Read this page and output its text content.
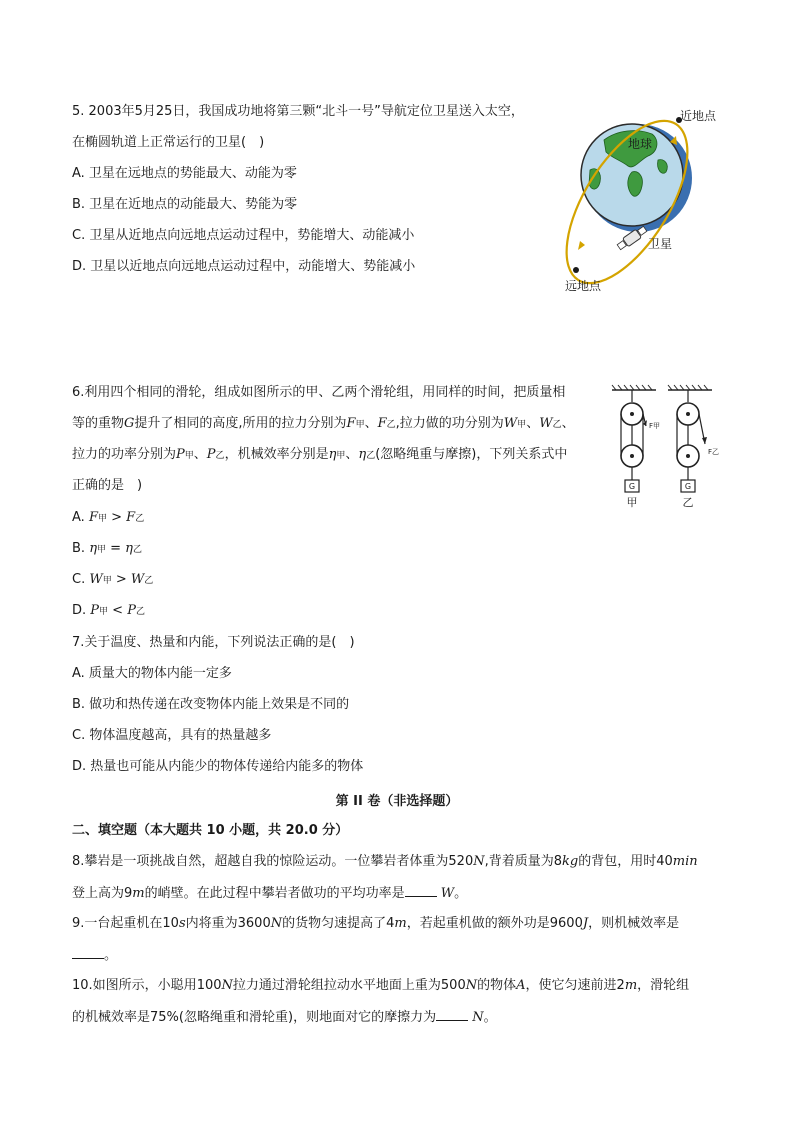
5. 2003年5月25日，我国成功地将第三颗“北斗一号”导航定位卫星送入太空，
在椭圆轨道上正常运行的卫星(　)
A. 卫星在远地点的势能最大、动能为零
B. 卫星在近地点的动能最大、势能为零
C. 卫星从近地点向远地点运动过程中，势能增大、动能减小
D. 卫星以近地点向远地点运动过程中，动能增大、势能减小
地球
近地点
远地点
卫星
6.利用四个相同的滑轮，组成如图所示的甲、乙两个滑轮组，用同样的时间，把质量相
等的重物G提升了相同的高度,所用的拉力分别为F甲、F乙,拉力做的功分别为W甲、W乙、
拉力的功率分别为P甲、P乙，机械效率分别是η甲、η乙(忽略绳重与摩擦)，下列关系式中
正确的是　)
A. F甲 > F乙
B. η甲 = η乙
C. W甲 > W乙
D. P甲 < P乙
F甲
G
甲
F乙
G
乙
7.关于温度、热量和内能，下列说法正确的是(　)
A. 质量大的物体内能一定多
B. 做功和热传递在改变物体内能上效果是不同的
C. 物体温度越高，具有的热量越多
D. 热量也可能从内能少的物体传递给内能多的物体
第 II 卷（非选择题）
二、填空题（本大题共 10 小题，共 20.0 分）
8.攀岩是一项挑战自然，超越自我的惊险运动。一位攀岩者体重为520N,背着质量为8kg的背包，用时40min
登上高为9m的峭壁。在此过程中攀岩者做功的平均功率是	W。
9.一台起重机在10s内将重为3600N的货物匀速提高了4m，若起重机做的额外功是9600J，则机械效率是
。
10.如图所示，小聪用100N拉力通过滑轮组拉动水平地面上重为500N的物体A，使它匀速前进2m，滑轮组
的机械效率是75%(忽略绳重和滑轮重)，则地面对它的摩擦力为	N。
